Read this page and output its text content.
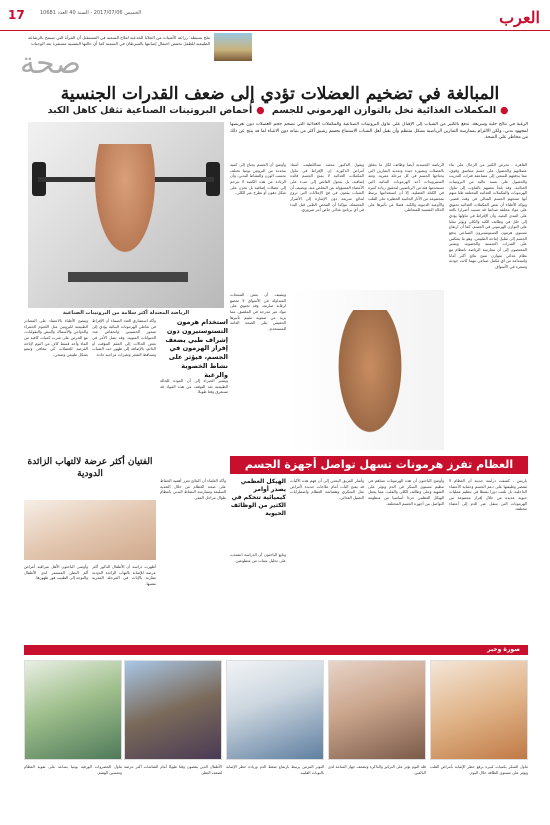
العرب
17	الخميس 2017/07/06 - السنة 40 العدد 10681
ملح نسيطة: زراعة الأشيات من الخلايا الجذعية لعلاج السمنة في المستقبل أن المرأة التي تسمح بالرضاعة الطبيعية للطفل تخفض احتمال إصابتها بالسرطان في السمنة كما أن حالتها النفسية مستقرة بعد الوجبات
صحة
المبالغة في تضخيم العضلات تؤدي إلى ضعف القدرات الجنسية
●المكملات الغذائية تخل بالتوازن الهرموني للجسم ●أحماض البروتينات الصناعية تثقل كاهل الكبد
الرغبة في نتائج جلية وسريعة، تدفع بالكثير من الشباب إلى الإقبال على تناول البروتينات الصناعية والمكملات الغذائية التي تضخم حجم العضلات دون تعريضها لمجهود بدني، ولكن الالتزام بممارسة التمارين الرياضية بشكل منتظم وأن يقبل أهل الشباب الاستماع بجسم رشيق أكثر من بنيانه دون الانتباه لما قد ينتج عن ذلك من مخاطر على الصحة.
الرياضة المعتدلة أكثر سلامة من البروتينات الصناعية
القاهرة - تحرص الكثير من الرجال على بناء عضلاتهم والحصول على جسم متناسق وقوي، مما يدفعهم للسعي إلى مضاعفة فترات التدريب والحصول على نسبة عالية من البروتينات الغذائية، وقد يلجأ بعضهم بالتناوب إلى تناول الهرمونات والمكملات الغذائية المختلفة ظنا منهم أنها تمنحهم الجسم المثالي في وقت قصير. ويؤكد الأطباء أن بعض المكملات الغذائية تحتوي على مواد مخلقة صناعيا قد تسبب أضرارا بالغة على المدى البعيد، وأن الإفراط في تناولها يؤدي إلى خلل في وظائف الكبد والكلى ويؤثر سلبا على التوازن الهرموني في الجسم. كما أن ارتفاع مستوى هرمون التستوستيرون الصناعي يدفع الجسم إلى تقليل إنتاجه الطبيعي، وهو ما ينعكس على القدرات الجنسية والخصوبة. ويشير المختصون إلى أن ممارسة الرياضة بانتظام مع نظام غذائي متوازن تمنح نتائج أكثر أمانا واستدامة من أي مكمل صناعي مهما كانت جودته وسعره في الأسواق.
الرياضة الجسدية أيضا وظائف لكل ما يتعلق بالعضلات وبصورة جيدة وتحديد التمارين التي يحتاجها الجسم في كل مرحلة عمرية. وتعد الستيرويدات أحد الهرمونات البنائية التي تستخدمها فئة من الرياضيين لتحقيق زيادة كبيرة في الكتلة العضلية، إلا أن استخدامها يرتبط بمجموعة من الآثار الجانبية الخطيرة على القلب والأوعية الدموية والكبد، فضلا عن تأثيرها على الحالة النفسية للمتعاطي.
ويقول الدكتور محمد عبداللطيف، أستاذ أمراض الذكورة، إن الإفراط في تناول المكملات الغذائية لا يمنح الجسم فائدة إضافية، بل يتحول الفائض إلى عبء على الأعضاء المسؤولة عن التخلص منه. ويضيف أن الشباب يقعون في فخ الإعلانات التي تروج لنتائج سريعة دون الإشارة إلى الأضرار المحتملة، مؤكدا أن الفحص الطبي قبل البدء في أي برنامج غذائي خاص أمر ضروري.
وأوضح أن الجسم يحتاج إلى كمية محددة من البروتين يوميا تختلف بحسب الوزن والنشاط البدني، وأن الزيادة عن هذه الكمية لا تترجم إلى عضلات إضافية بل تخزن على شكل دهون أو تطرح عبر الكلى.
ويضيف أن بعض المنتجات المتداولة في الأسواق لا تخضع لرقابة صارمة، وقد تحتوي على مواد غير مدرجة في الملصق، مما يزيد من صعوبة تقييم تأثيرها الحقيقي على الصحة العامة للمستخدم.
استخدام هرمون التستوستيرون دون إشراف طبي يضعف إفراز الهرمون في الجسم، فيؤثر على نشاط الخصوبة والرغبة
ويشير الخبراء إلى أن العودة للحالة الطبيعية بعد التوقف عن هذه المواد قد تستغرق وقتا طويلا.
وأكد استشاري الغدد الصماء أن الإفراط في تعاطي الهرمونات البنائية يؤدي إلى ضمور الخصيتين وانخفاض عدد الحيوانات المنوية، وقد يصل الأمر في بعض الحالات إلى العقم المؤقت أو الدائم، بالإضافة إلى ظهور حب الشباب وتساقط الشعر وتغيرات مزاجية حادة.
وينصح الأطباء بالاعتماد على المصادر الطبيعية للبروتين مثل اللحوم الحمراء والدواجن والأسماك والبيض والبقوليات، مع الحرص على شرب كميات كافية من الماء وأخذ قسط كاف من النوم لإتاحة الفرصة للعضلات كي تتعافى وتنمو بشكل طبيعي وصحي.
العظام تفرز هرمونات تسهل تواصل أجهزة الجسم
باريس - كشفت دراسة حديثة أن العظام لا تقتصر وظيفتها على دعم الجسم وحماية الأعضاء الداخلية، بل تلعب دورا نشطا في تنظيم عمليات حيوية عديدة من خلال إفراز مجموعة من الهرمونات التي تنتقل عبر الدم إلى أعضاء مختلفة.
وأوضح الباحثون أن هذه الهرمونات تساهم في تنظيم مستوى السكر في الدم وتؤثر على الشهية وعلى وظائف الكلى والقلب، مما يجعل الهيكل العظمي جزءا أساسيا من منظومة التواصل بين أجهزة الجسم المختلفة.
وأشار الفريق البحثي إلى أن فهم هذه الآليات قد يفتح الباب أمام علاجات جديدة لأمراض مثل السكري وهشاشة العظام واضطرابات التمثيل الغذائي.
الهيكل العظمي يصدر أوامر كيميائية تتحكم في الكثير من الوظائف الحيوية
وتابع الباحثون أن الدراسة اعتمدت على تحليل عينات من متطوعين.
وأكد العلماء أن النتائج تعزز أهمية الحفاظ على صحة العظام من خلال التغذية السليمة وممارسة النشاط البدني بانتظام طوال مراحل العمر.
الفتيان أكثر عرضة لالتهاب الزائدة الدودية
أظهرت دراسة أن الأطفال الذكور أكثر عرضة للإصابة بالتهاب الزائدة الدودية مقارنة بالإناث في المرحلة العمرية نفسها.
وأوصى الباحثون الأهل بمراقبة أعراض ألم البطن المستمر لدى الأطفال والتوجه إلى الطبيب فور ظهورها.
صورة وخبر
تناول السكر بكميات كبيرة يرفع خطر الإصابة بأمراض القلب ويؤثر على مستوى الطاقة خلال اليوم.
قلة النوم تؤثر على التركيز والذاكرة وتضعف جهاز المناعة لدى البالغين.
التوتر المزمن يرتبط بارتفاع ضغط الدم وزيادة خطر الإصابة بالنوبات القلبية.
الأطفال الذين يقضون وقتا طويلا أمام الشاشات أكثر عرضة لضعف النظر.
تناول الخضروات الورقية يوميا يساعد على تقوية العظام وتحسين الهضم.
